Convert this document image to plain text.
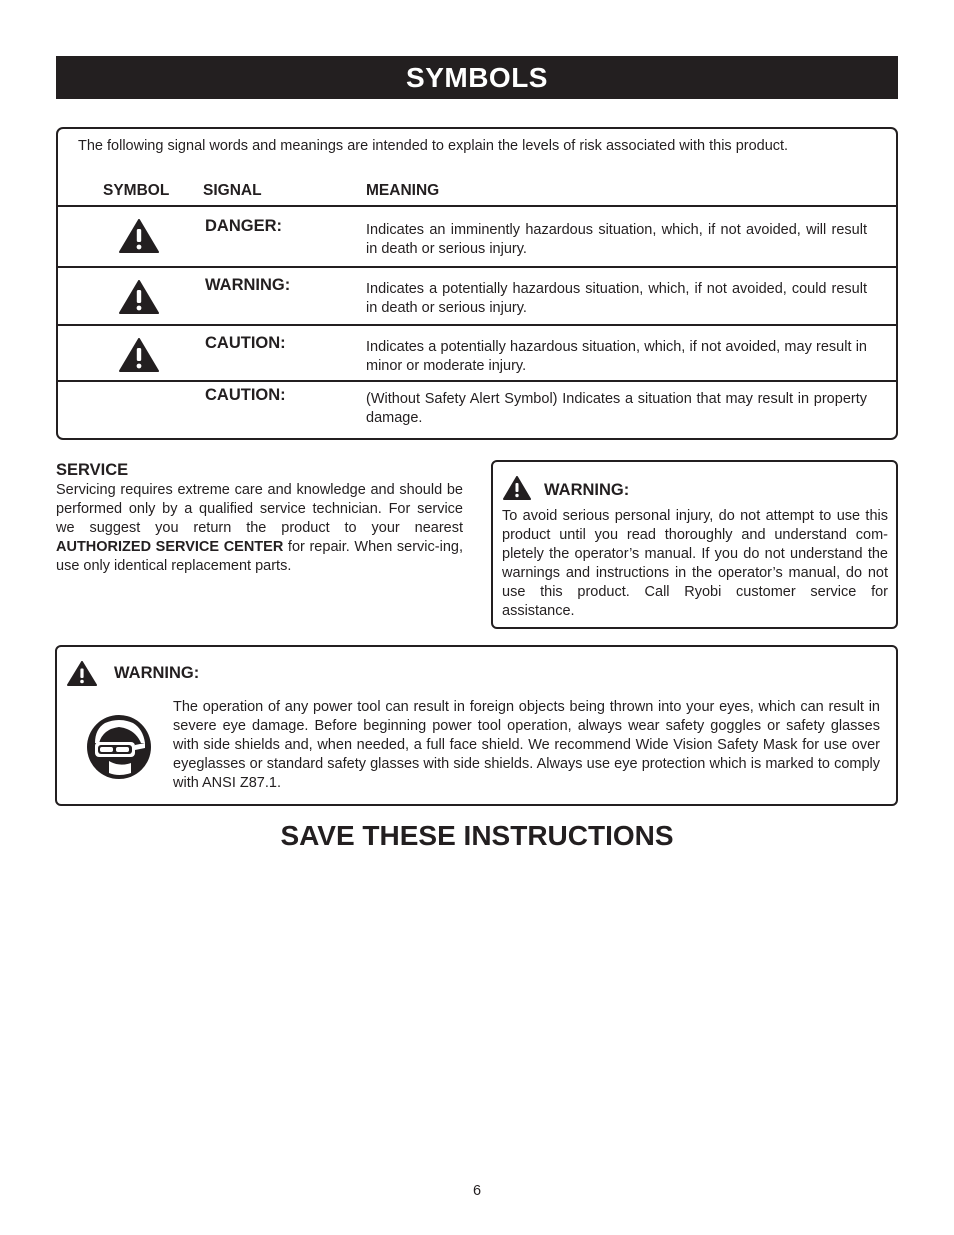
SYMBOLS
The following signal words and meanings are intended to explain the levels of risk associated with this product.
SYMBOL SIGNAL	MEANING
DANGER:	Indicates an imminently hazardous situation, which, if not avoided, will result in death or serious injury.
WARNING:	Indicates a potentially hazardous situation, which, if not avoided, could result in death or serious injury.
CAUTION:	Indicates a potentially hazardous situation, which, if not avoided, may result in minor or moderate injury.
CAUTION:	(Without Safety Alert Symbol) Indicates a situation that may result in property damage.
SERVICE
Servicing requires extreme care and knowledge and should be performed only by a qualified service technician. For service we suggest you return the product to your nearest AUTHORIZED SERVICE CENTER for repair. When servic-ing, use only identical replacement parts.
WARNING:
To avoid serious personal injury, do not attempt to use this product until you read thoroughly and understand com-pletely the operator’s manual. If you do not understand the warnings and instructions in the operator’s manual, do not use this product. Call Ryobi customer service for assistance.
WARNING:
The operation of any power tool can result in foreign objects being thrown into your eyes, which can result in severe eye damage. Before beginning power tool operation, always wear safety goggles or safety glasses with side shields and, when needed, a full face shield. We recommend Wide Vision Safety Mask for use over eyeglasses or standard safety glasses with side shields. Always use eye protection which is marked to comply with ANSI Z87.1.
SAVE THESE INSTRUCTIONS
6
